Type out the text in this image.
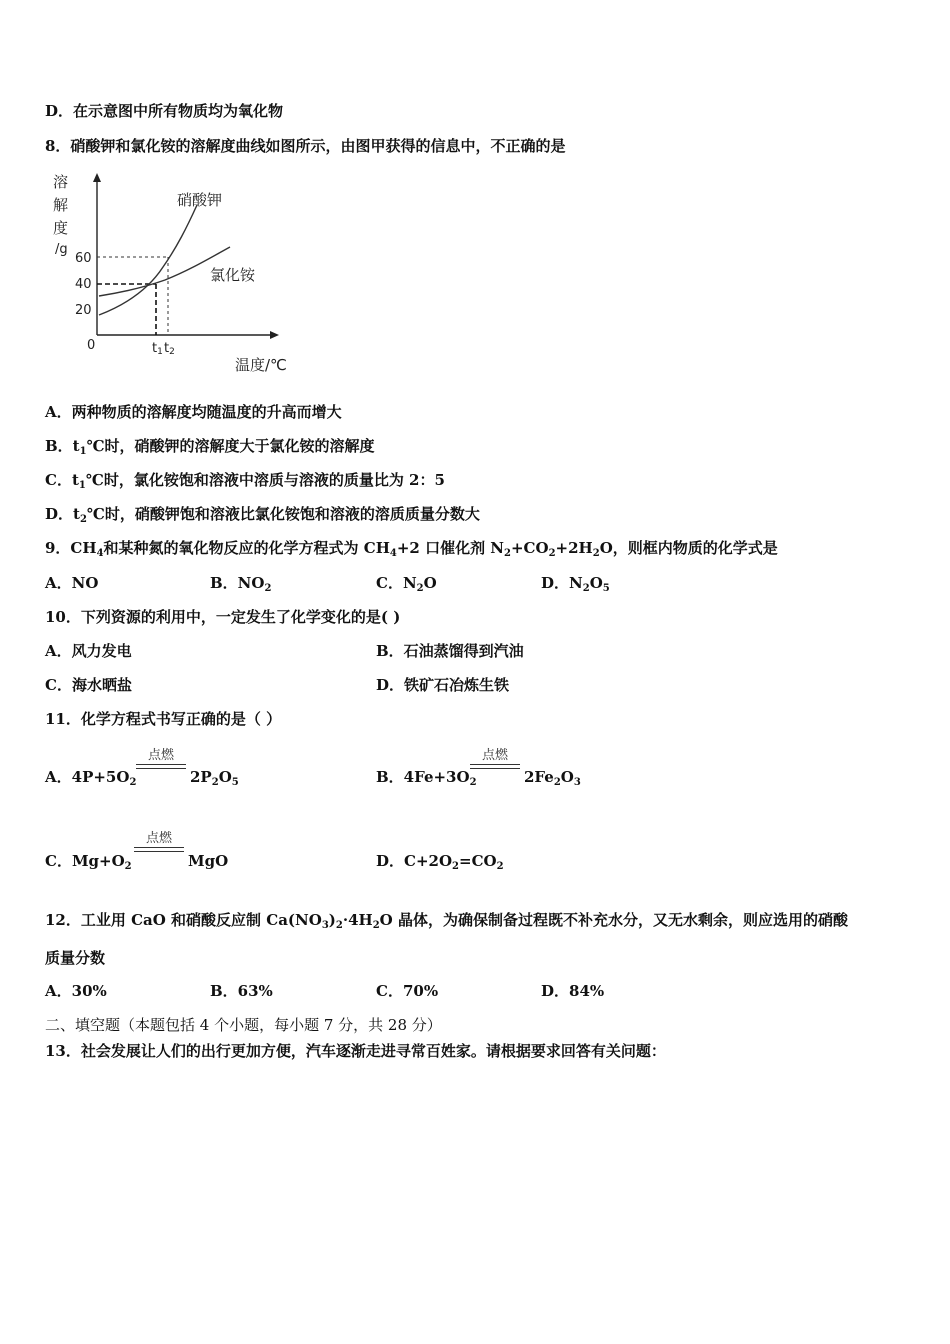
D．在示意图中所有物质均为氧化物
8．硝酸钾和氯化铵的溶解度曲线如图所示，由图甲获得的信息中，不正确的是
溶
解
度
/g
60
40
20
0	t1 t2
硝酸钾
氯化铵
温度/℃
A．两种物质的溶解度均随温度的升高而增大
B．$t_1℃$时，硝酸钾的溶解度大于氯化铵的溶解度
C．$t_1℃$时，氯化铵饱和溶液中溶质与溶液的质量比为 2：5
D．$t_2℃$时，硝酸钾饱和溶液比氯化铵饱和溶液的溶质质量分数大
9．$CH_4$和某种氮的氧化物反应的化学方程式为 $CH_4+2$ 口催化剂 $N_2+CO_2+2H_2O$，则框内物质的化学式是
A．NO	B．$NO_2$	C．$N_2O$	D．$N_2O_5$
10．下列资源的利用中，一定发生了化学变化的是( )
A．风力发电	B．石油蒸馏得到汽油
C．海水晒盐	D．铁矿石冶炼生铁
11．化学方程式书写正确的是（ ）
点燃
A．$4P+5O_2$	$2P_2O_5$
点燃
B．$4Fe+3O_2$	$2Fe_2O_3$
点燃
C．$Mg+O_2$	MgO	D．$C+2O_2=CO_2$
12．工业用 CaO 和硝酸反应制 $Ca(NO_3)_2\cdot 4H_2O$ 晶体，为确保制备过程既不补充水分，又无水剩余，则应选用的硝酸
质量分数
A．30%	B．63%	C．70%	D．84%
二、填空题（本题包括 4 个小题，每小题 7 分，共 28 分）
13．社会发展让人们的出行更加方便，汽车逐渐走进寻常百姓家。请根据要求回答有关问题：
